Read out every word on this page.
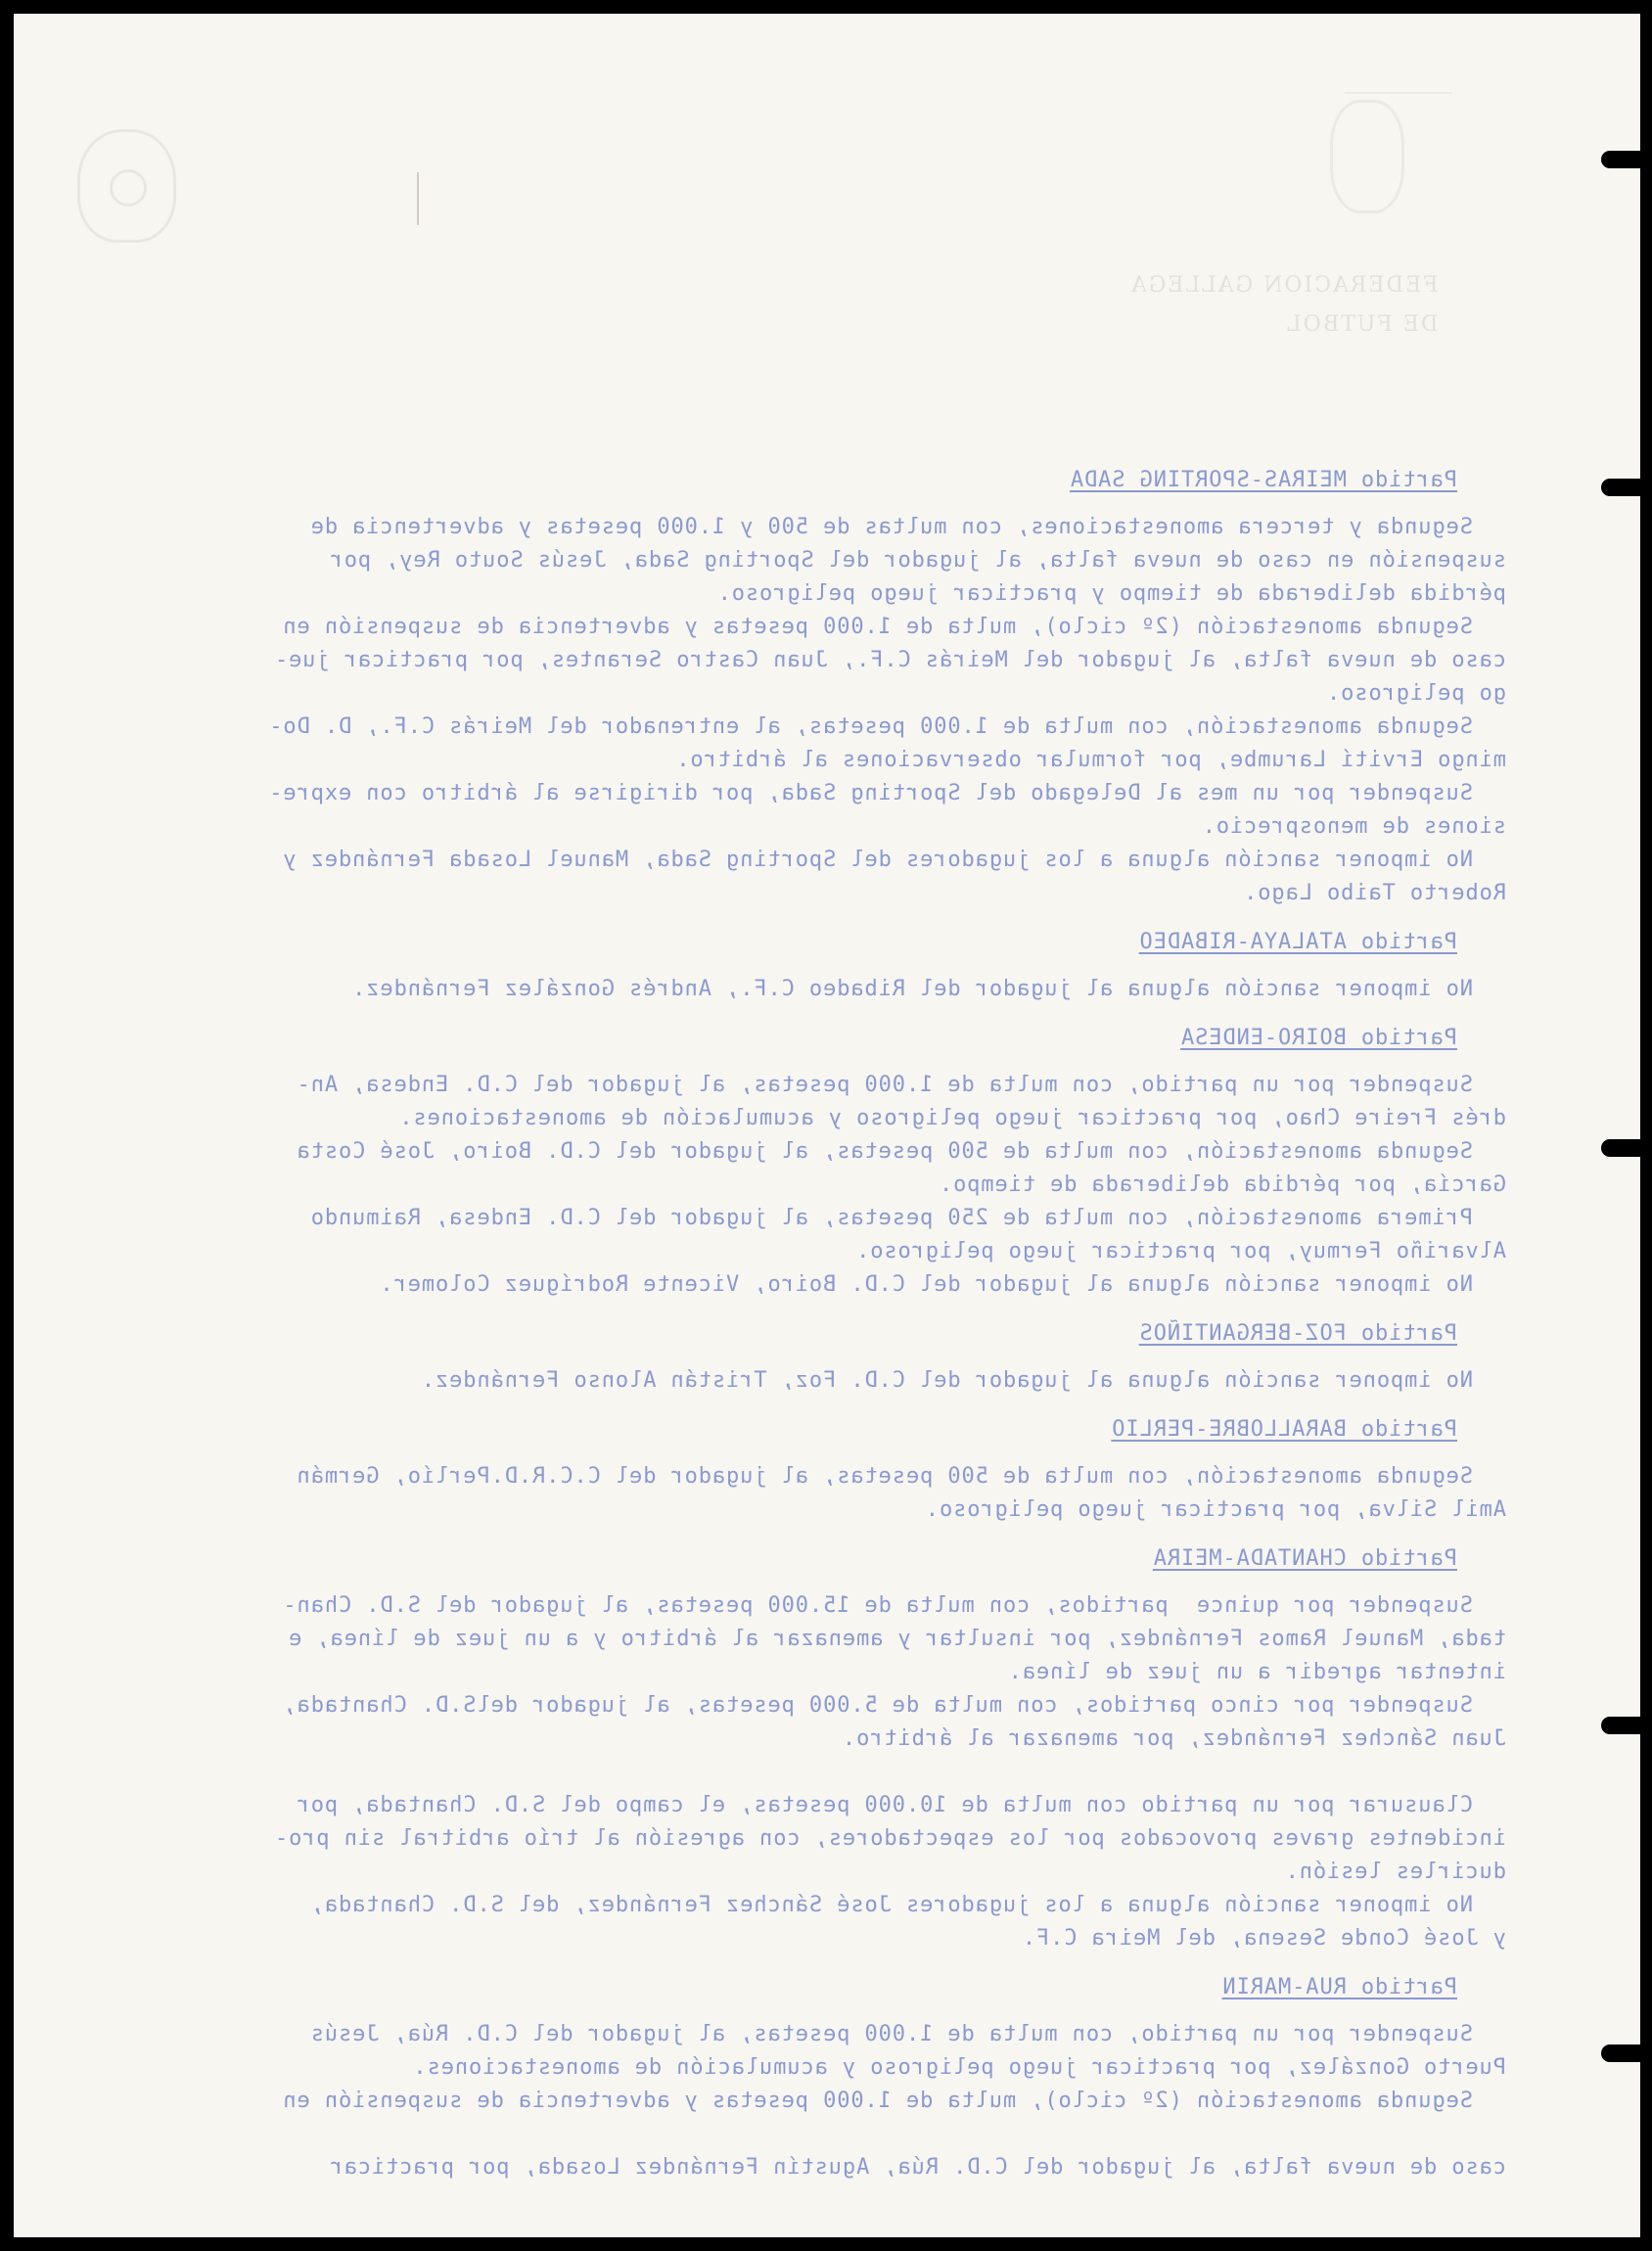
FEDERACION GALLEGA
DE FUTBOL
Partido MEIRAS-SPORTING SADA
Segunda y tercera amonestaciones, con multas de 500 y 1.000 pesetas y advertencia de
suspensión en caso de nueva falta, al jugador del Sporting Sada, Jesús Souto Rey, por
pérdida deliberada de tiempo y practicar juego peligroso.
Segunda amonestación (2º ciclo), multa de 1.000 pesetas y advertencia de suspensión en
caso de nueva falta, al jugador del Meirás C.F., Juan Castro Serantes, por practicar jue-
go peligroso.
Segunda amonestación, con multa de 1.000 pesetas, al entrenador del Meirás C.F., D. Do-
mingo Ervití Larumbe, por formular observaciones al árbitro.
Suspender por un mes al Delegado del Sporting Sada, por dirigirse al árbitro con expre-
siones de menosprecio.
No imponer sanción alguna a los jugadores del Sporting Sada, Manuel Losada Fernández y
Roberto Taibo Lago.
Partido ATALAYA-RIBADEO
No imponer sanción alguna al jugador del Ribadeo C.F., Andrés González Fernández.
Partido BOIRO-ENDESA
Suspender por un partido, con multa de 1.000 pesetas, al jugador del C.D. Endesa, An-
drés Freire Chao, por practicar juego peligroso y acumulación de amonestaciones.
Segunda amonestación, con multa de 500 pesetas, al jugador del C.D. Boiro, José Costa
García, por pérdida deliberada de tiempo.
Primera amonestación, con multa de 250 pesetas, al jugador del C.D. Endesa, Raimundo
Alvariño Fermuy, por practicar juego peligroso.
No imponer sanción alguna al jugador del C.D. Boiro, Vicente Rodríguez Colomer.
Partido FOZ-BERGANTIÑOS
No imponer sanción alguna al jugador del C.D. Foz, Tristán Alonso Fernández.
Partido BARALLOBRE-PERLIO
Segunda amonestación, con multa de 500 pesetas, al jugador del C.C.R.D.Perlío, Germán
Amil Silva, por practicar juego peligroso.
Partido CHANTADA-MEIRA
Suspender por quince  partidos, con multa de 15.000 pesetas, al jugador del S.D. Chan-
tada, Manuel Ramos Fernández, por insultar y amenazar al árbitro y a un juez de línea, e
intentar agredir a un juez de línea.
Suspender por cinco partidos, con multa de 5.000 pesetas, al jugador delS.D. Chantada,
Juan Sánchez Fernández, por amenazar al árbitro.

Clausurar por un partido con multa de 10.000 pesetas, el campo del S.D. Chantada, por
incidentes graves provocados por los espectadores, con agresión al trío arbitral sin pro-
ducirles lesión.
No imponer sanción alguna a los jugadores José Sánchez Fernández, del S.D. Chantada,
y José Conde Sesena, del Meira C.F.
Partido RUA-MARIN
Suspender por un partido, con multa de 1.000 pesetas, al jugador del C.D. Rúa, Jesús
Puerto González, por practicar juego peligroso y acumulación de amonestaciones.
Segunda amonestación (2º ciclo), multa de 1.000 pesetas y advertencia de suspensión en

caso de nueva falta, al jugador del C.D. Rúa, Agustín Fernández Losada, por practicar
